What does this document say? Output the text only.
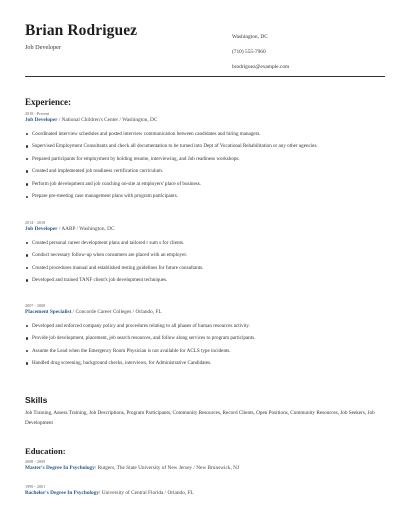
Brian Rodriguez
Job Developer
Washington, DC
(710) 555-7960
brodriguez@example.com
Experience:
2018 - Present
Job Developer / National Children's Center / Washington, DC
Coordinated interview schedules and posted interview communication between candidates and hiring managers.
Supervised Employment Consultants and check all documentation to be turned into Dept of Vocational Rehabilitation or any other agencies.
Prepared participants for employment by holding resume, interviewing, and Job readiness workshops.
Created and implemented job readiness certification curriculum.
Perform job development and job coaching on-site at employers' place of business.
Prepare pre-meeting case management plans with program participants.
2014 - 2018
Job Developer / AARP / Washington, DC
Created personal career development plans and tailored r sum s for clients.
Conduct necessary follow-up when consumers are placed with an employer.
Created procedures manual and established testing guidelines for future consultants.
Developed and trained TANF client's job development techniques.
2007 - 2008
Placement Specialist / Concorde Career Colleges / Orlando, FL
Developed and enforced company policy and procedures relating to all phases of human resources activity.
Provide job development, placement, job search resources, and follow along services to program participants.
Assume the Lead when the Emergency Room Physician is not available for ACLS type incidents.
Handled drug screening, background checks, interviews, for Administrative Candidates.
Skills
Job Training, Assess Training, Job Descriptions, Program Participants, Community Resources, Record Clients, Open Positions, Community Resources, Job Seekers, Job Development
Education:
2008 - 2009
Master's Degree In Psychology/ Rutgers, The State University of New Jersey / New Brunswick, NJ
1999 - 2001
Bachelor's Degree In Psychology/ University of Central Florida / Orlando, FL
